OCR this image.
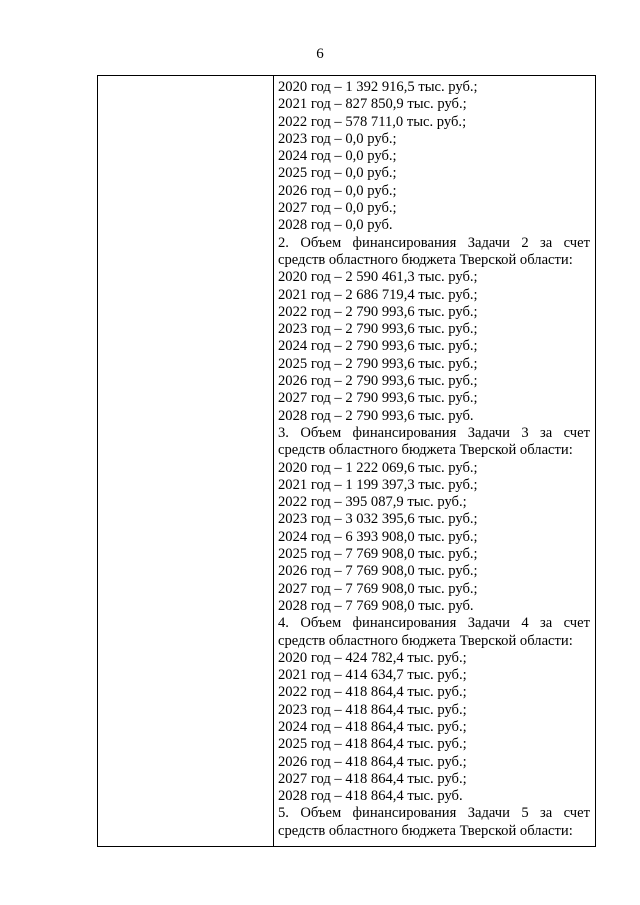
6
2020 год – 1 392 916,5 тыс. руб.;
2021 год – 827 850,9 тыс. руб.;
2022 год – 578 711,0 тыс. руб.;
2023 год – 0,0 руб.;
2024 год – 0,0 руб.;
2025 год – 0,0 руб.;
2026 год – 0,0 руб.;
2027 год – 0,0 руб.;
2028 год – 0,0 руб.
2. Объем финансирования Задачи 2 за счет
средств областного бюджета Тверской области:
2020 год – 2 590 461,3 тыс. руб.;
2021 год – 2 686 719,4 тыс. руб.;
2022 год – 2 790 993,6 тыс. руб.;
2023 год – 2 790 993,6 тыс. руб.;
2024 год – 2 790 993,6 тыс. руб.;
2025 год – 2 790 993,6 тыс. руб.;
2026 год – 2 790 993,6 тыс. руб.;
2027 год – 2 790 993,6 тыс. руб.;
2028 год – 2 790 993,6 тыс. руб.
3. Объем финансирования Задачи 3 за счет
средств областного бюджета Тверской области:
2020 год – 1 222 069,6 тыс. руб.;
2021 год – 1 199 397,3 тыс. руб.;
2022 год – 395 087,9 тыс. руб.;
2023 год – 3 032 395,6 тыс. руб.;
2024 год – 6 393 908,0 тыс. руб.;
2025 год – 7 769 908,0 тыс. руб.;
2026 год – 7 769 908,0 тыс. руб.;
2027 год – 7 769 908,0 тыс. руб.;
2028 год – 7 769 908,0 тыс. руб.
4. Объем финансирования Задачи 4 за счет
средств областного бюджета Тверской области:
2020 год – 424 782,4 тыс. руб.;
2021 год – 414 634,7 тыс. руб.;
2022 год – 418 864,4 тыс. руб.;
2023 год – 418 864,4 тыс. руб.;
2024 год – 418 864,4 тыс. руб.;
2025 год – 418 864,4 тыс. руб.;
2026 год – 418 864,4 тыс. руб.;
2027 год – 418 864,4 тыс. руб.;
2028 год – 418 864,4 тыс. руб.
5. Объем финансирования Задачи 5 за счет
средств областного бюджета Тверской области:
